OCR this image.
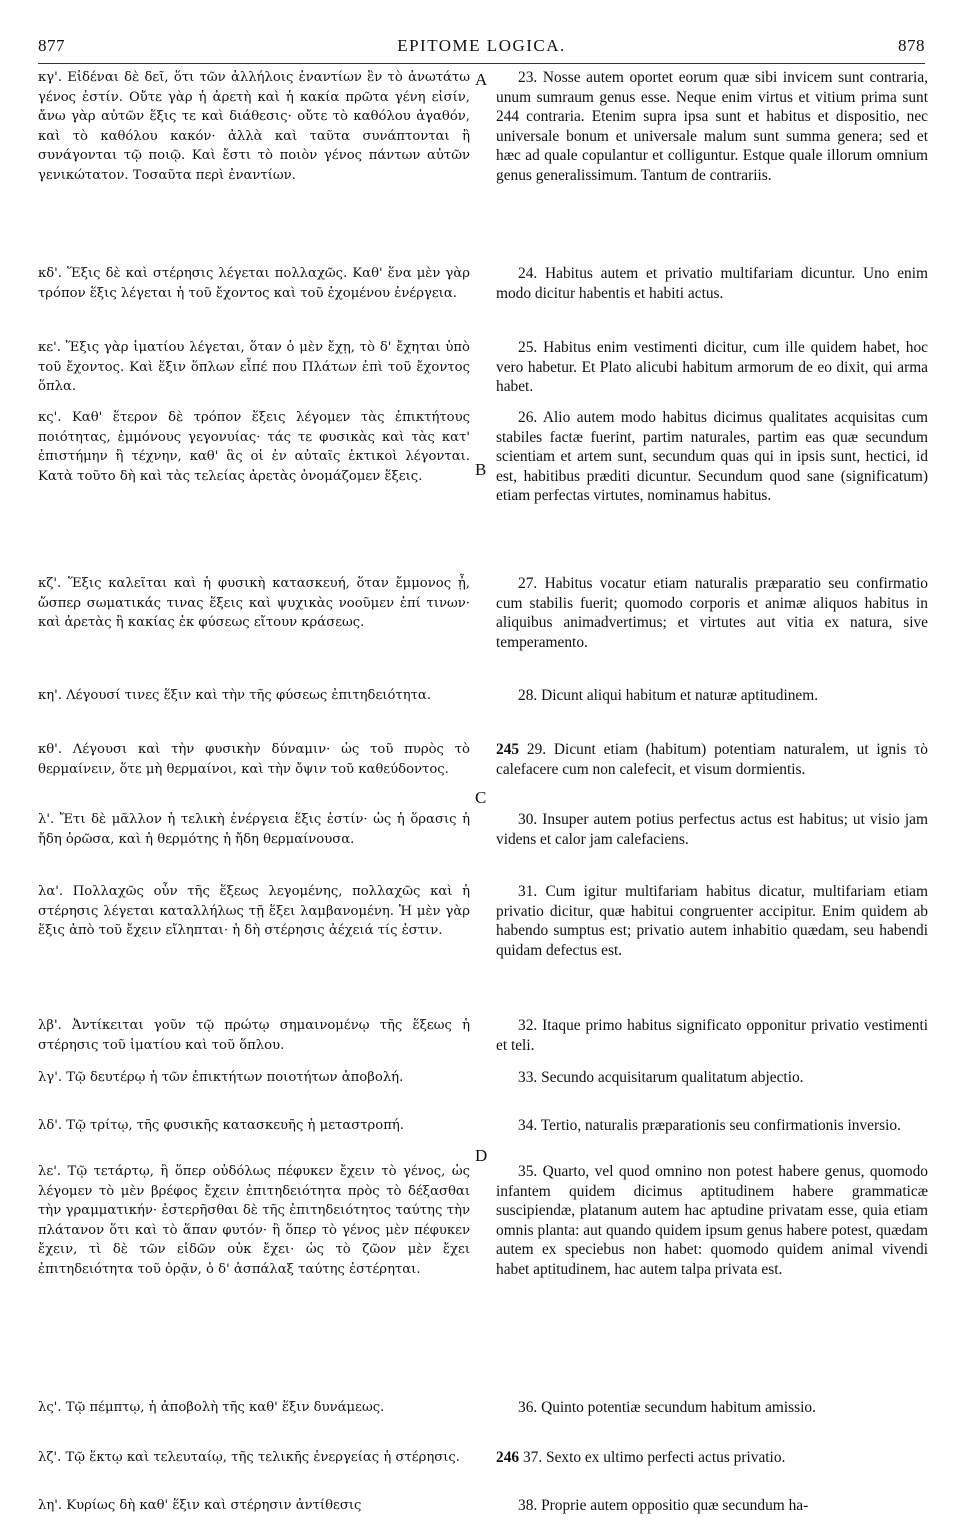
877	EPITOME LOGICA.	878
κγ'. Εἰδέναι δὲ δεῖ, ὅτι τῶν ἀλλήλοις ἐναντίων ἓν τὸ ἀνωτάτω γένος ἐστίν. Οὔτε γὰρ ἡ ἀρετὴ καὶ ἡ κακία πρῶτα γένη εἰσίν, ἄνω γὰρ αὐτῶν ἕξις τε καὶ διάθεσις· οὔτε τὸ καθόλου ἀγαθόν, καὶ τὸ καθόλου κακόν· ἀλλὰ καὶ ταῦτα συνάπτονται ἢ συνάγονται τῷ ποιῷ. Καὶ ἔστι τὸ ποιὸν γένος πάντων αὐτῶν γενικώτατον. Τοσαῦτα περὶ ἐναντίων.
κδ'. Ἕξις δὲ καὶ στέρησις λέγεται πολλαχῶς. Καθ' ἕνα μὲν γὰρ τρόπον ἕξις λέγεται ἡ τοῦ ἔχοντος καὶ τοῦ ἐχομένου ἐνέργεια.
κε'. Ἕξις γὰρ ἱματίου λέγεται, ὅταν ὁ μὲν ἔχῃ, τὸ δ' ἔχηται ὑπὸ τοῦ ἔχοντος. Καὶ ἕξιν ὅπλων εἶπέ που Πλάτων ἐπὶ τοῦ ἔχοντος ὅπλα.
κς'. Καθ' ἕτερον δὲ τρόπον ἕξεις λέγομεν τὰς ἐπικτήτους ποιότητας, ἐμμόνους γεγονυίας· τάς τε φυσικὰς καὶ τὰς κατ' ἐπιστήμην ἢ τέχνην, καθ' ἃς οἱ ἐν αὐταῖς ἑκτικοὶ λέγονται. Κατὰ τοῦτο δὴ καὶ τὰς τελείας ἀρετὰς ὀνομάζομεν ἕξεις.
κζ'. Ἕξις καλεῖται καὶ ἡ φυσικὴ κατασκευή, ὅταν ἔμμονος ᾖ, ὥσπερ σωματικάς τινας ἕξεις καὶ ψυχικὰς νοοῦμεν ἐπί τινων· καὶ ἀρετὰς ἢ κακίας ἐκ φύσεως εἴτουν κράσεως.
κη'. Λέγουσί τινες ἕξιν καὶ τὴν τῆς φύσεως ἐπιτηδειότητα.
κθ'. Λέγουσι καὶ τὴν φυσικὴν δύναμιν· ὡς τοῦ πυρὸς τὸ θερμαίνειν, ὅτε μὴ θερμαίνοι, καὶ τὴν ὄψιν τοῦ καθεύδοντος.
λ'. Ἔτι δὲ μᾶλλον ἡ τελικὴ ἐνέργεια ἕξις ἐστίν· ὡς ἡ ὅρασις ἡ ἤδη ὁρῶσα, καὶ ἡ θερμότης ἡ ἤδη θερμαίνουσα.
λα'. Πολλαχῶς οὖν τῆς ἕξεως λεγομένης, πολλαχῶς καὶ ἡ στέρησις λέγεται καταλλήλως τῇ ἕξει λαμβανομένη. Ἡ μὲν γὰρ ἕξις ἀπὸ τοῦ ἔχειν εἴληπται· ἡ δὴ στέρησις ἀέχειά τίς ἐστιν.
λβ'. Ἀντίκειται γοῦν τῷ πρώτῳ σημαινομένῳ τῆς ἕξεως ἡ στέρησις τοῦ ἱματίου καὶ τοῦ ὅπλου.
λγ'. Τῷ δευτέρῳ ἡ τῶν ἐπικτήτων ποιοτήτων ἀποβολή.
λδ'. Τῷ τρίτῳ, τῆς φυσικῆς κατασκευῆς ἡ μεταστροπή.
λε'. Τῷ τετάρτῳ, ἢ ὅπερ οὐδόλως πέφυκεν ἔχειν τὸ γένος, ὡς λέγομεν τὸ μὲν βρέφος ἔχειν ἐπιτηδειότητα πρὸς τὸ δέξασθαι τὴν γραμματικήν· ἐστερῆσθαι δὲ τῆς ἐπιτηδειότητος ταύτης τὴν πλάτανον ὅτι καὶ τὸ ἅπαν φυτόν· ἢ ὅπερ τὸ γένος μὲν πέφυκεν ἔχειν, τὶ δὲ τῶν εἰδῶν οὐκ ἔχει· ὡς τὸ ζῶον μὲν ἔχει ἐπιτηδειότητα τοῦ ὁρᾷν, ὁ δ' ἀσπάλαξ ταύτης ἐστέρηται.
λς'. Τῷ πέμπτῳ, ἡ ἀποβολὴ τῆς καθ' ἕξιν δυνάμεως.
λζ'. Τῷ ἕκτῳ καὶ τελευταίῳ, τῆς τελικῆς ἐνεργείας ἡ στέρησις.
λη'. Κυρίως δὴ καθ' ἕξιν καὶ στέρησιν ἀντίθεσις
A
B
C
D
23. Nosse autem oportet eorum quæ sibi invicem sunt contraria, unum sumraum genus esse. Neque enim virtus et vitium prima sunt 244 contraria. Etenim supra ipsa sunt et habitus et dispositio, nec universale bonum et universale malum sunt summa genera; sed et hæc ad quale copulantur et colliguntur. Estque quale illorum omnium genus generalissimum. Tantum de contrariis.
24. Habitus autem et privatio multifariam dicuntur. Uno enim modo dicitur habentis et habiti actus.
25. Habitus enim vestimenti dicitur, cum ille quidem habet, hoc vero habetur. Et Plato alicubi habitum armorum de eo dixit, qui arma habet.
26. Alio autem modo habitus dicimus qualitates acquisitas cum stabiles factæ fuerint, partim naturales, partim eas quæ secundum scientiam et artem sunt, secundum quas qui in ipsis sunt, hectici, id est, habitibus præditi dicuntur. Secundum quod sane (significatum) etiam perfectas virtutes, nominamus habitus.
27. Habitus vocatur etiam naturalis præparatio seu confirmatio cum stabilis fuerit; quomodo corporis et animæ aliquos habitus in aliquibus animadvertimus; et virtutes aut vitia ex natura, sive temperamento.
28. Dicunt aliqui habitum et naturæ aptitudinem.
245 29. Dicunt etiam (habitum) potentiam naturalem, ut ignis τὸ calefacere cum non calefecit, et visum dormientis.
30. Insuper autem potius perfectus actus est habitus; ut visio jam videns et calor jam calefaciens.
31. Cum igitur multifariam habitus dicatur, multifariam etiam privatio dicitur, quæ habitui congruenter accipitur. Enim quidem ab habendo sumptus est; privatio autem inhabitio quædam, seu habendi quidam defectus est.
32. Itaque primo habitus significato opponitur privatio vestimenti et teli.
33. Secundo acquisitarum qualitatum abjectio.
34. Tertio, naturalis præparationis seu confirmationis inversio.
35. Quarto, vel quod omnino non potest habere genus, quomodo infantem quidem dicimus aptitudinem habere grammaticæ suscipiendæ, platanum autem hac aptudine privatam esse, quia etiam omnis planta: aut quando quidem ipsum genus habere potest, quædam autem ex speciebus non habet: quomodo quidem animal vivendi habet aptitudinem, hac autem talpa privata est.
36. Quinto potentiæ secundum habitum amissio.
246 37. Sexto ex ultimo perfecti actus privatio.
38. Proprie autem oppositio quæ secundum ha-
